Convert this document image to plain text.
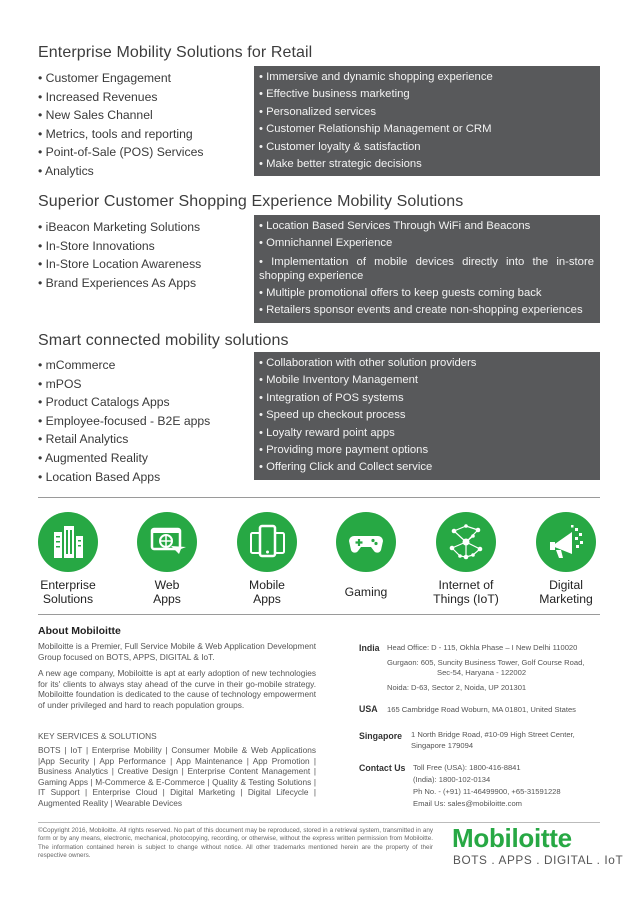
Enterprise Mobility Solutions for Retail
• Customer Engagement
• Increased Revenues
• New Sales Channel
• Metrics, tools and reporting
• Point-of-Sale (POS) Services
• Analytics
• Immersive and dynamic shopping experience
• Effective business marketing
• Personalized services
• Customer Relationship Management or CRM
• Customer loyalty & satisfaction
• Make better strategic decisions
Superior Customer Shopping Experience Mobility Solutions
• iBeacon Marketing Solutions
• In-Store Innovations
• In-Store Location Awareness
• Brand Experiences As Apps
• Location Based Services Through WiFi and Beacons
• Omnichannel Experience
• Implementation of mobile devices directly into the in-store shopping experience
• Multiple promotional offers to keep guests coming back
• Retailers sponsor events and create non-shopping experiences
Smart connected mobility solutions
• mCommerce
• mPOS
• Product Catalogs Apps
• Employee-focused - B2E apps
• Retail Analytics
• Augmented Reality
• Location Based Apps
• Collaboration with other solution providers
• Mobile Inventory Management
• Integration of POS systems
• Speed up checkout process
• Loyalty reward point apps
• Providing more payment options
• Offering Click and Collect service
Enterprise
Solutions
Web
Apps
Mobile
Apps	Gaming	Internet of
Things (IoT)
Digital
Marketing
About Mobiloitte

Mobiloitte is a Premier, Full Service Mobile & Web Application Development Group focused on BOTS, APPS, DIGITAL & IoT.

A new age company, Mobiloitte is apt at early adoption of new technologies for its' clients to always stay ahead of the curve in their go-mobile strategy. Mobiloitte foundation is dedicated to the cause of technology empowerment of under privileged and hard to reach population groups.

KEY SERVICES & SOLUTIONS

BOTS | IoT | Enterprise Mobility | Consumer Mobile & Web Applications |App Security | App Performance | App Maintenance | App Promotion | Business Analytics | Creative Design | Enterprise Content Management | Gaming Apps | M-Commerce & E-Commerce | Quality & Testing Solutions | IT Support | Enterprise Cloud | Digital Marketing | Digital Lifecycle | Augmented Reality | Wearable Devices

India Head Office: D - 115, Okhla Phase – I New Delhi 110020
Gurgaon: 605, Suncity Business Tower, Golf Course Road,
Sec-54, Haryana - 122002
Noida: D-63, Sector 2, Noida, UP 201301
USA 165 Cambridge Road Woburn, MA 01801, United States
Singapore 1 North Bridge Road, #10-09 High Street Center,
Singapore 179094
Contact Us Toll Free (USA): 1800-416-8841
(India): 1800-102-0134
Ph No. - (+91) 11-46499900, +65-31591228
Email Us: sales@mobiloitte.com

©Copyright 2016, Mobiloitte. All rights reserved. No part of this document may be reproduced, stored in a retrieval system, transmitted in any form or by any means, electronic, mechanical, photocopying, recording, or otherwise, without the express written permission from Mobiloitte. The information contained herein is subject to change without notice. All other trademarks mentioned herein are the property of their respective owners.

Mobiloitte
BOTS . APPS . DIGITAL . IoT
